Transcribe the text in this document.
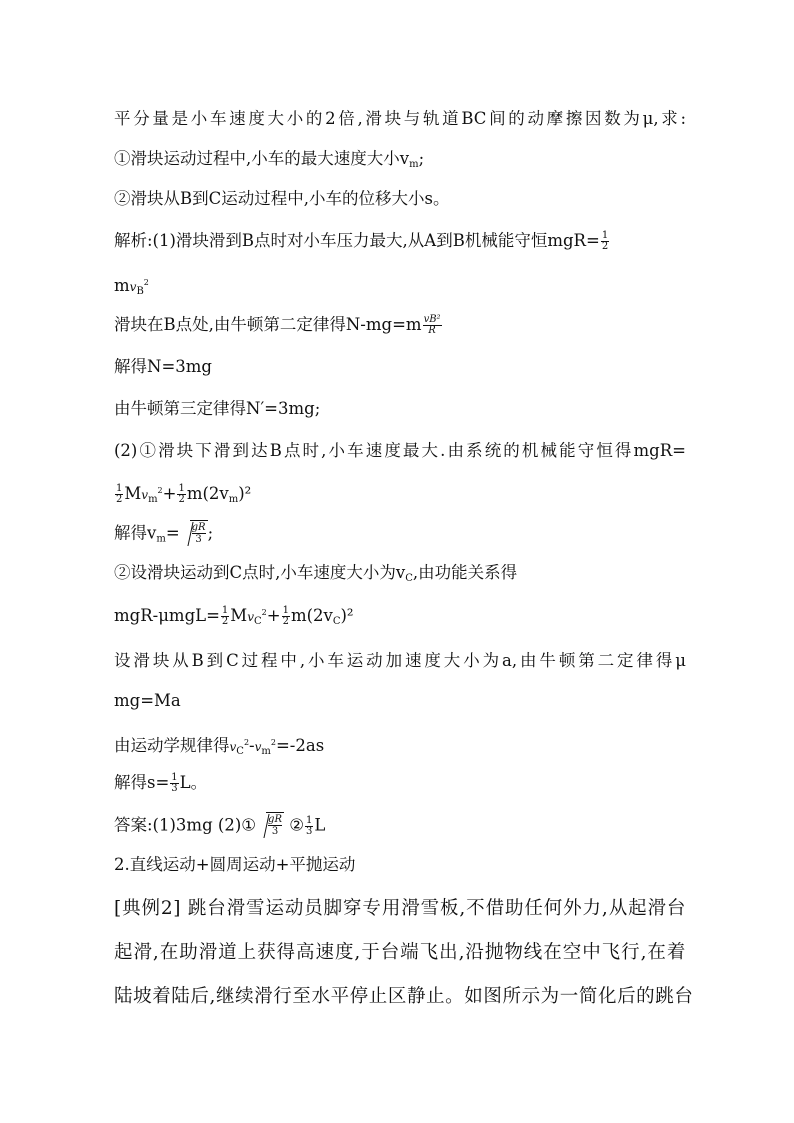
平分量是小车速度大小的2倍,滑块与轨道BC间的动摩擦因数为μ,求:
①滑块运动过程中,小车的最大速度大小$v_m$;
②滑块从B到C运动过程中,小车的位移大小s。
解析:(1)滑块滑到B点时对小车压力最大,从A到B机械能守恒$mgR= \frac{1}{2}$
$mv_B^2$
滑块在B点处,由牛顿第二定律得$N-mg=m \frac{\text{vB²}}{R}$
解得N=3mg
由牛顿第三定律得N′=3mg;
(2)①滑块下滑到达B点时,小车速度最大.由系统的机械能守恒得mgR=
$\frac{1}{2} Mv_m^2+ \frac{1}{2} m(2v_m)^2$
解得$v_m= \frac{gR}{3}$ ;
②设滑块运动到C点时,小车速度大小为$v_C$,由功能关系得
$mgR-\mu mgL= \frac{1}{2} Mv_C^2+ \frac{1}{2} m(2v_C)^2$
设滑块从B到C过程中,小车运动加速度大小为a,由牛顿第二定律得μ
mg=Ma
由运动学规律得$v_C^2-v_m^2=-2as$
解得$s= \frac{1}{3}$ L。
答案:(1)3mg (2)① $\frac{gR}{3}$ ② $\frac{1}{3}$ L
2.直线运动+圆周运动+平抛运动
[典例2] 跳台滑雪运动员脚穿专用滑雪板,不借助任何外力,从起滑台
起滑,在助滑道上获得高速度,于台端飞出,沿抛物线在空中飞行,在着
陆坡着陆后,继续滑行至水平停止区静止。如图所示为一简化后的跳台
